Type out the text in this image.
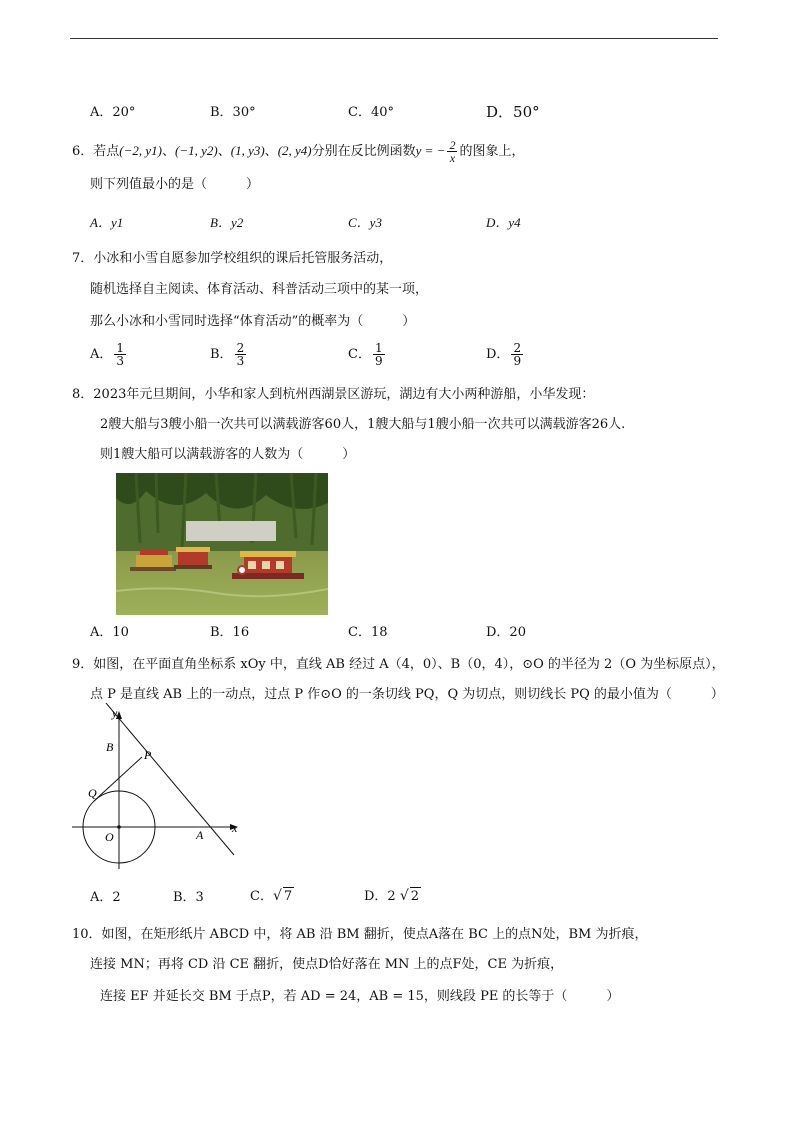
A．20°	B．30°	C．40°	D．50°
6．若点(−2, y1)、(−1, y2)、(1, y3)、(2, y4)分别在反比例函数y = − $\frac{2}{x}$ 的图象上，
则下列值最小的是（　　　）
A．y1	B．y2	C．y3	D．y4
7．小冰和小雪自愿参加学校组织的课后托管服务活动，
随机选择自主阅读、体育活动、科普活动三项中的某一项，
那么小冰和小雪同时选择“体育活动”的概率为（　　　）
A． $\frac{1}{3}$	B． $\frac{2}{3}$	C． $\frac{1}{9}$	D． $\frac{2}{9}$
8．2023年元旦期间，小华和家人到杭州西湖景区游玩，湖边有大小两种游船，小华发现：
2艘大船与3艘小船一次共可以满载游客60人，1艘大船与1艘小船一次共可以满载游客26人.
则1艘大船可以满载游客的人数为（　　　）
A．10	B．16	C．18	D．20
9．如图，在平面直角坐标系 xOy 中，直线 AB 经过 A（4，0）、B（0，4），⊙O 的半径为 2（O 为坐标原点），
点 P 是直线 AB 上的一动点，过点 P 作⊙O 的一条切线 PQ，Q 为切点，则切线长 PQ 的最小值为（　　　）
y
x
B
P
Q
O	A
A．2	B．3	C．√ 7	D．2 √ 2
10．如图，在矩形纸片 ABCD 中，将 AB 沿 BM 翻折，使点A落在 BC 上的点N处，BM 为折痕，
连接 MN；再将 CD 沿 CE 翻折，使点D恰好落在 MN 上的点F处，CE 为折痕，
连接 EF 并延长交 BM 于点P，若 AD = 24，AB = 15，则线段 PE 的长等于（　　　）
